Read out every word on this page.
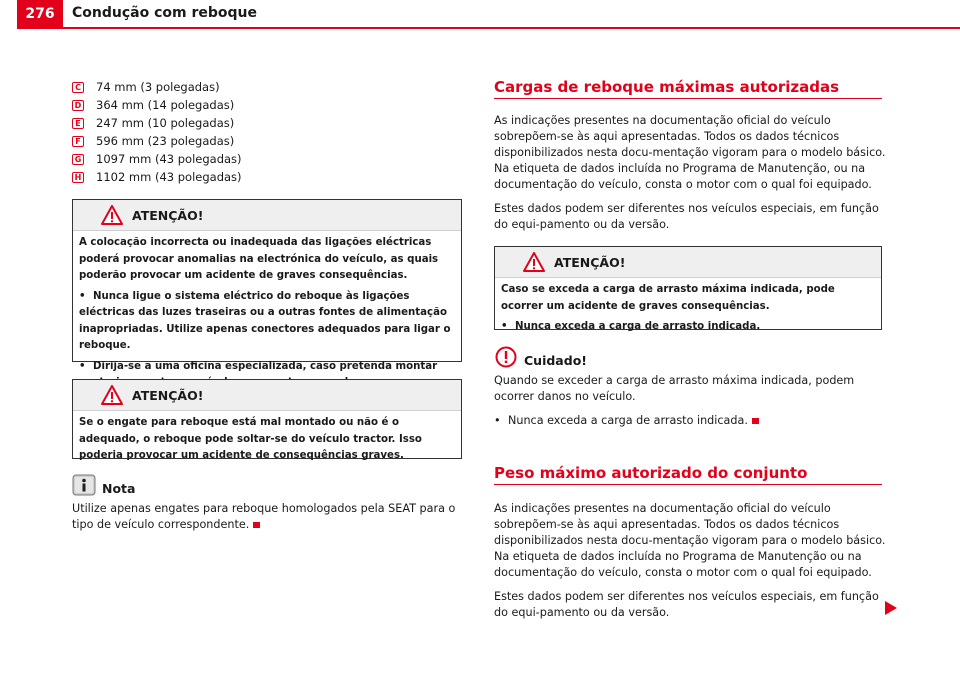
276	Condução com reboque
C 74 mm (3 polegadas)
D 364 mm (14 polegadas)
E 247 mm (10 polegadas)
F 596 mm (23 polegadas)
G 1097 mm (43 polegadas)
H 1102 mm (43 polegadas)
ATENÇÃO!

A colocação incorrecta ou inadequada das ligações eléctricas poderá provocar anomalias na electrónica do veículo, as quais poderão provocar um acidente de graves consequências.

• Nunca ligue o sistema eléctrico do reboque às ligações eléctricas das luzes traseiras ou a outras fontes de alimentação inapropriadas. Utilize apenas conectores adequados para ligar o reboque.

• Dirija-se a uma oficina especializada, caso pretenda montar

ATENÇÃO!

Se o engate para reboque está mal montado ou não é o adequado, o reboque pode soltar-se do veículo tractor. Isso poderia provocar um acidente de consequências graves.

Nota

Utilize apenas engates para reboque homologados pela SEAT para o tipo de veículo correspondente.

Cargas de reboque máximas autorizadas

As indicações presentes na documentação oficial do veículo sobrepõem-se às aqui apresentadas. Todos os dados técnicos disponibilizados nesta docu-mentação vigoram para o modelo básico. Na etiqueta de dados incluída no Programa de Manutenção, ou na documentação do veículo, consta o motor com o qual foi equipado.

Estes dados podem ser diferentes nos veículos especiais, em função do equi-pamento ou da versão.

ATENÇÃO!

Caso se exceda a carga de arrasto máxima indicada, pode ocorrer um acidente de graves consequências.

• Nunca exceda a carga de arrasto indicada.

Cuidado!

Quando se exceder a carga de arrasto máxima indicada, podem ocorrer danos no veículo.

• Nunca exceda a carga de arrasto indicada.

Peso máximo autorizado do conjunto

As indicações presentes na documentação oficial do veículo sobrepõem-se às aqui apresentadas. Todos os dados técnicos disponibilizados nesta docu-mentação vigoram para o modelo básico. Na etiqueta de dados incluída no Programa de Manutenção ou na documentação do veículo, consta o motor com o qual foi equipado.

Estes dados podem ser diferentes nos veículos especiais, em função do equi-pamento ou da versão.
